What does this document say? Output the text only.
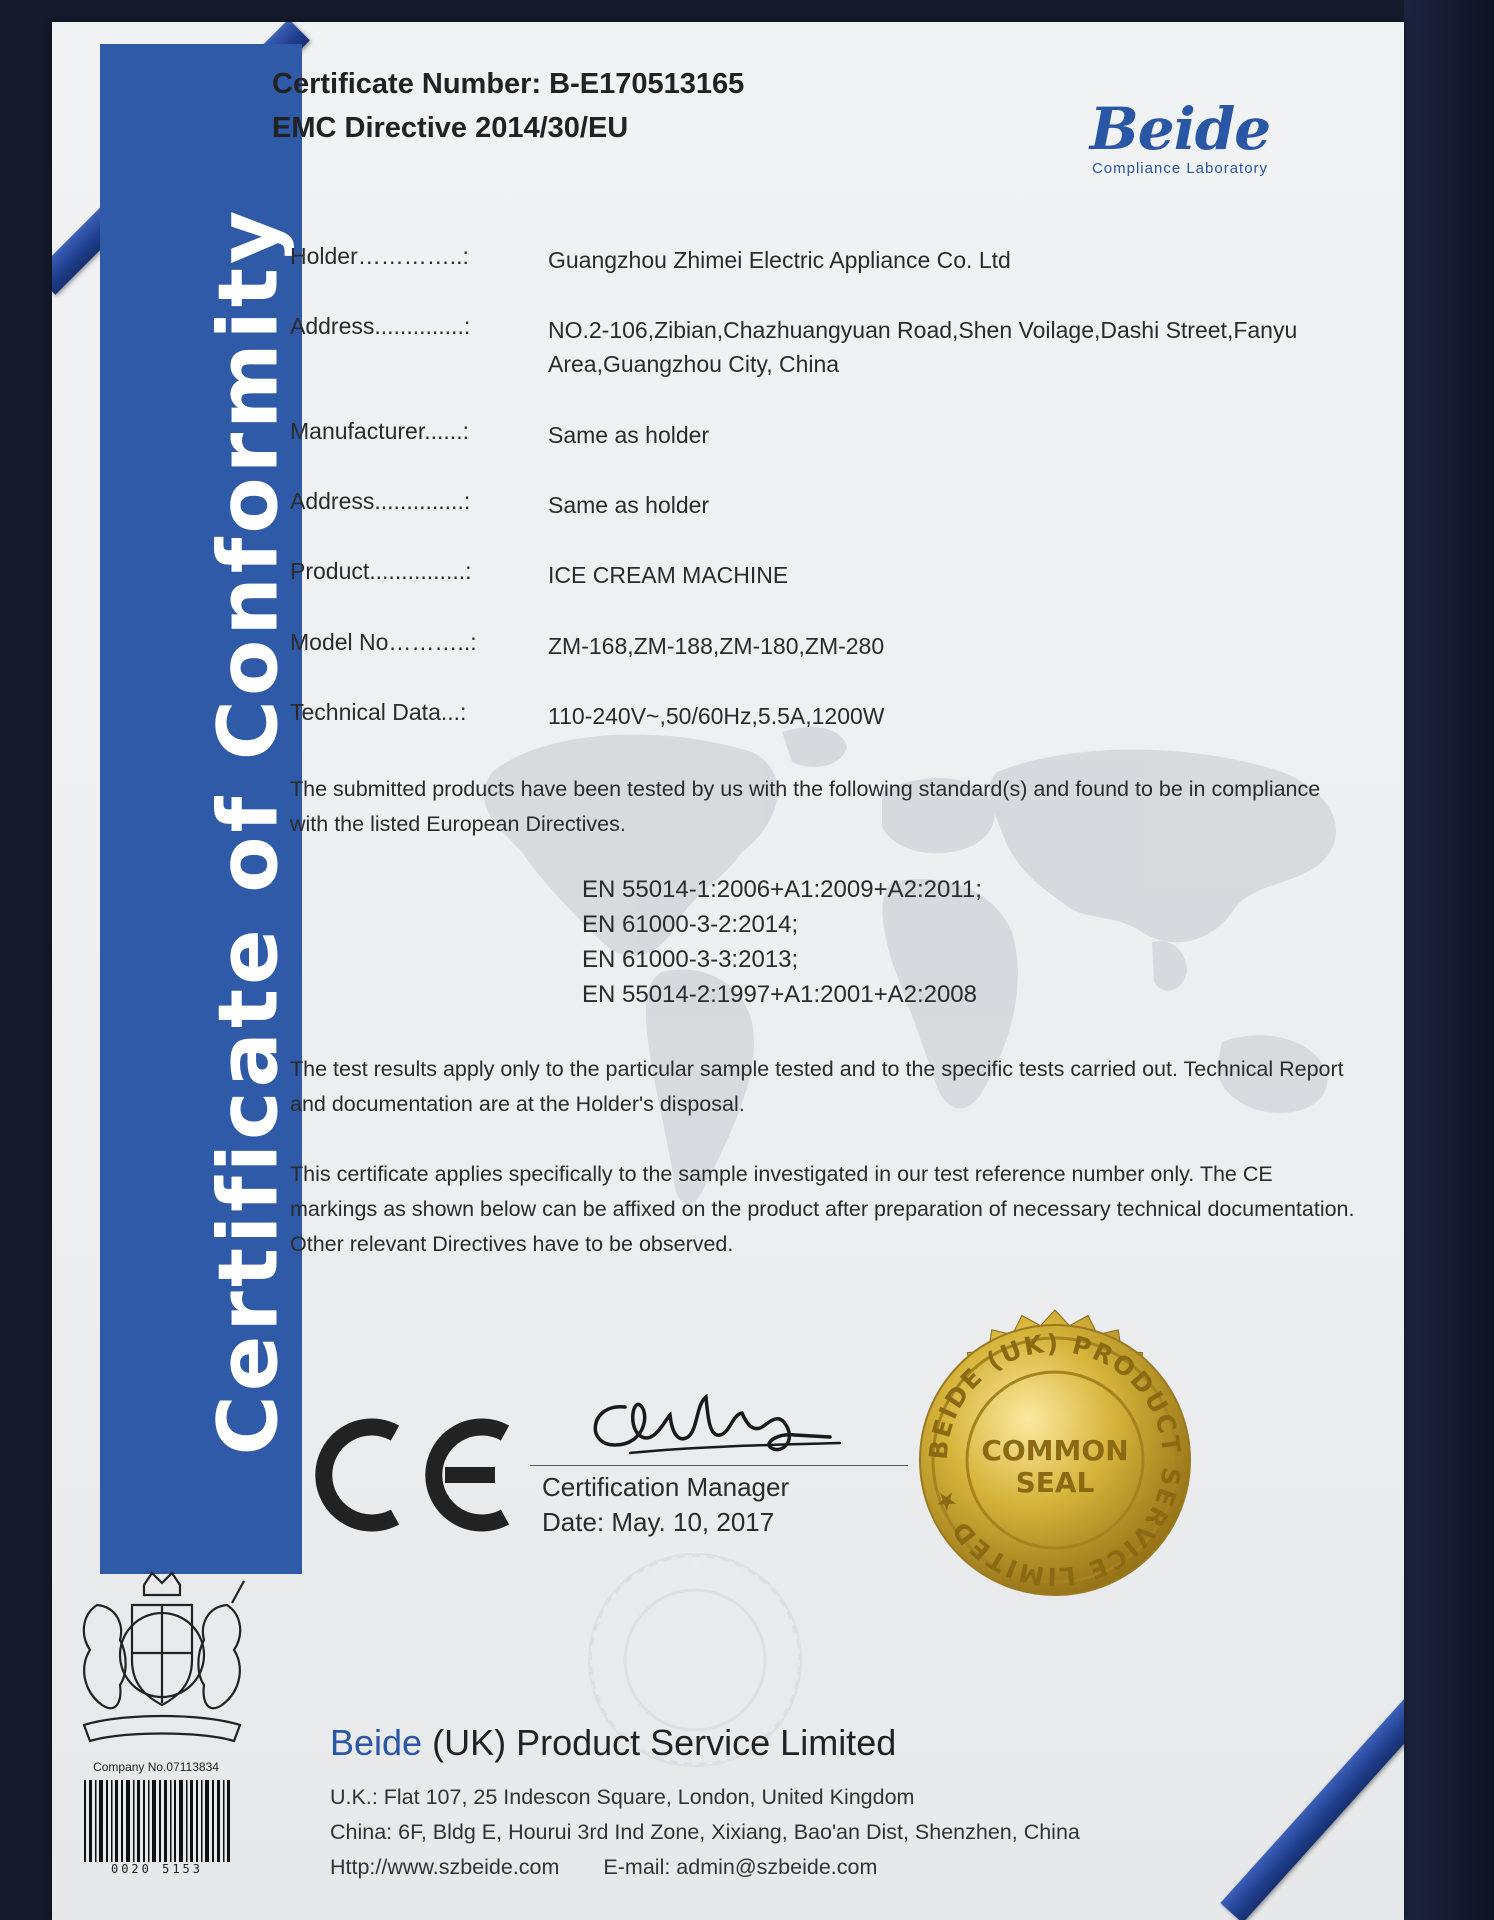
Certificate of Conformity
Certificate Number: B-E170513165
EMC Directive 2014/30/EU	Beide
Compliance Laboratory
Holder…………..:	Guangzhou Zhimei Electric Appliance Co. Ltd
Address..............:	NO.2-106,Zibian,Chazhuangyuan Road,Shen Voilage,Dashi Street,Fanyu Area,Guangzhou City, China
Manufacturer......:	Same as holder
Address..............:	Same as holder
Product...............:	ICE CREAM MACHINE
Model No………..:	ZM-168,ZM-188,ZM-180,ZM-280
Technical Data...:	110-240V~,50/60Hz,5.5A,1200W
The submitted products have been tested by us with the following standard(s) and found to be in compliance with the listed European Directives.
EN 55014-1:2006+A1:2009+A2:2011;
EN 61000-3-2:2014;
EN 61000-3-3:2013;
EN 55014-2:1997+A1:2001+A2:2008
The test results apply only to the particular sample tested and to the specific tests carried out. Technical Report and documentation are at the Holder's disposal.
This certificate applies specifically to the sample investigated in our test reference number only. The CE markings as shown below can be affixed on the product after preparation of necessary technical documentation. Other relevant Directives have to be observed.
Certification Manager
Date: May. 10, 2017
BEIDE (UK) PRODUCT SERVICE LIMITED ★
COMMON
SEAL
Company No.07113834
0020 5153
Beide (UK) Product Service Limited
U.K.: Flat 107, 25 Indescon Square, London, United Kingdom
China: 6F, Bldg E, Hourui 3rd Ind Zone, Xixiang, Bao'an Dist, Shenzhen, China
Http://www.szbeide.com E-mail: admin@szbeide.com
